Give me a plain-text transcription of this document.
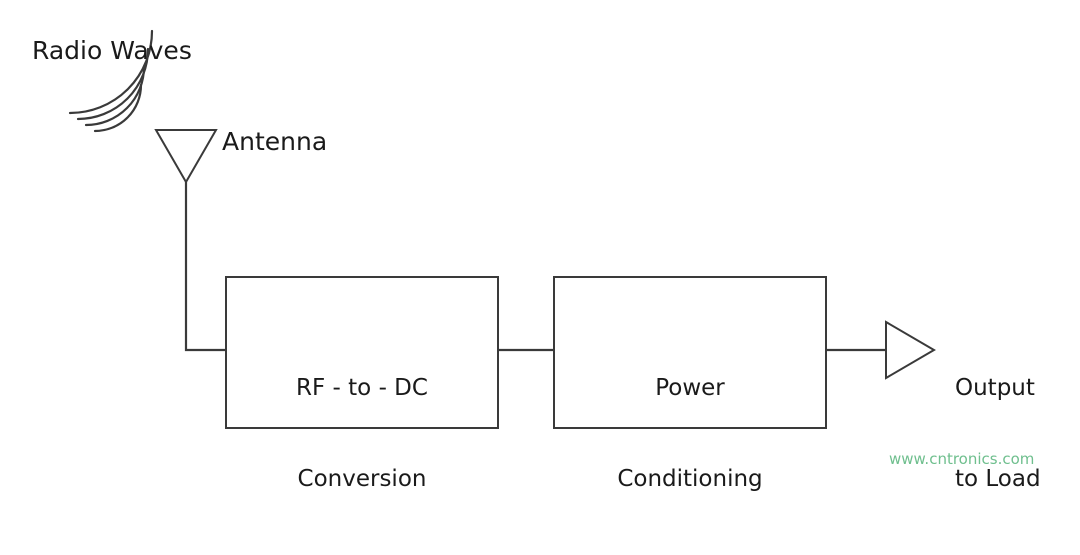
Radio Waves
Antenna

RF - to - DC

Conversion

Power

Conditioning

Output

to Load

www.cntronics.com
